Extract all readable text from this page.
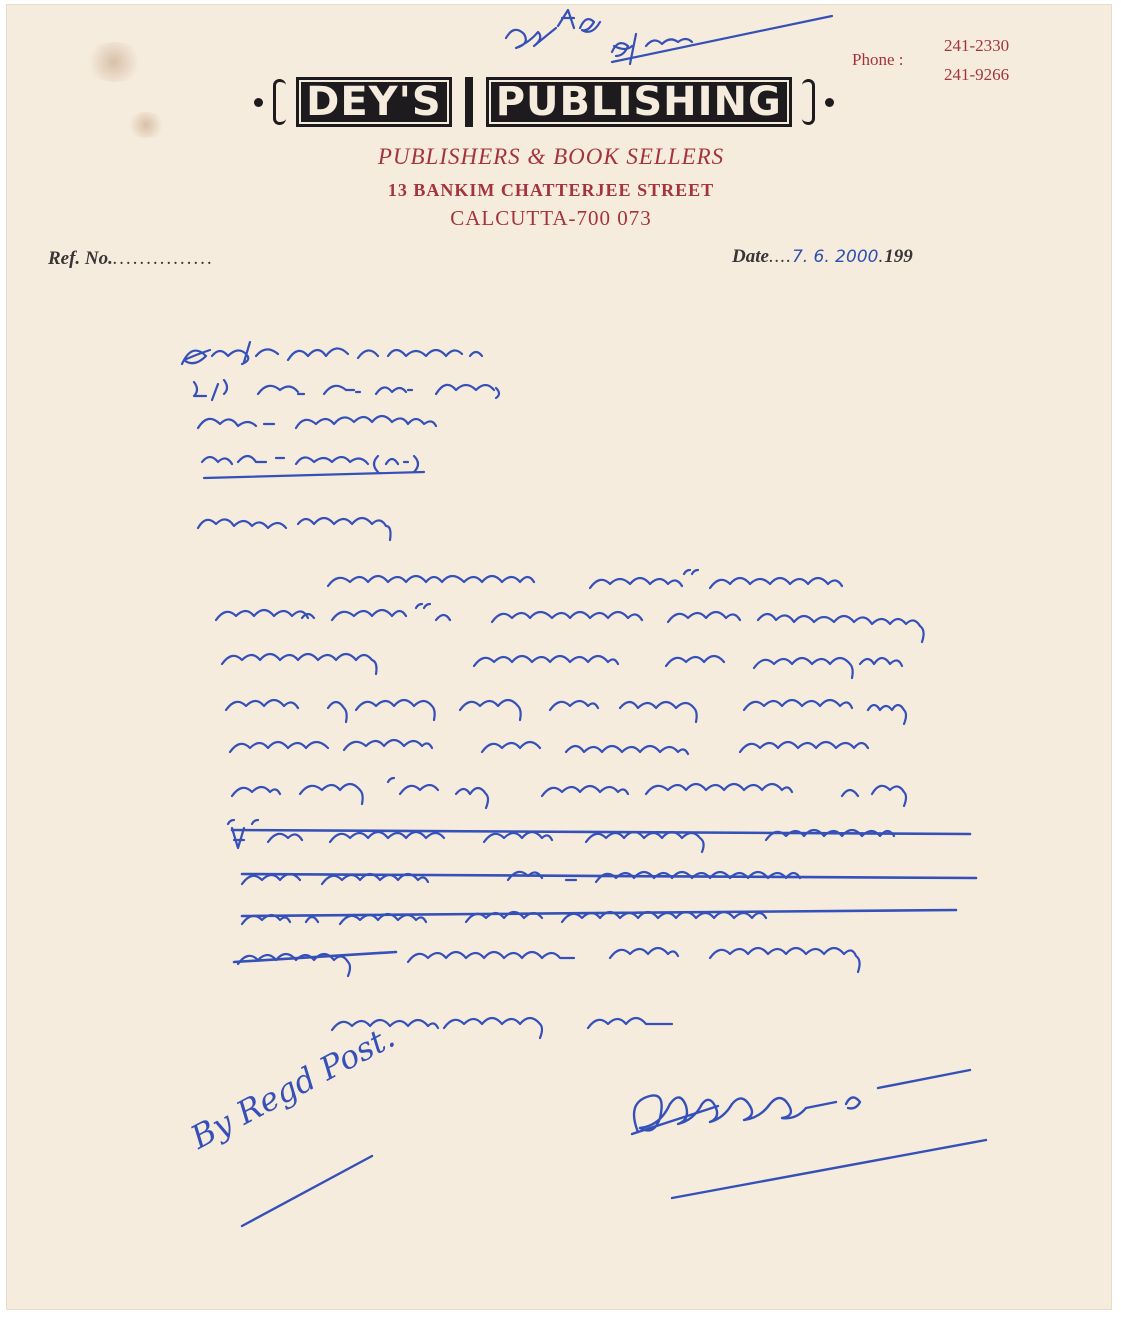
Phone :
241-2330
241-9266
DEY'S PUBLISHING
PUBLISHERS & BOOK SELLERS
13 BANKIM CHATTERJEE STREET
CALCUTTA-700 073
Ref. No................	Date....7. 6. 2000.199
By Regd Post.
